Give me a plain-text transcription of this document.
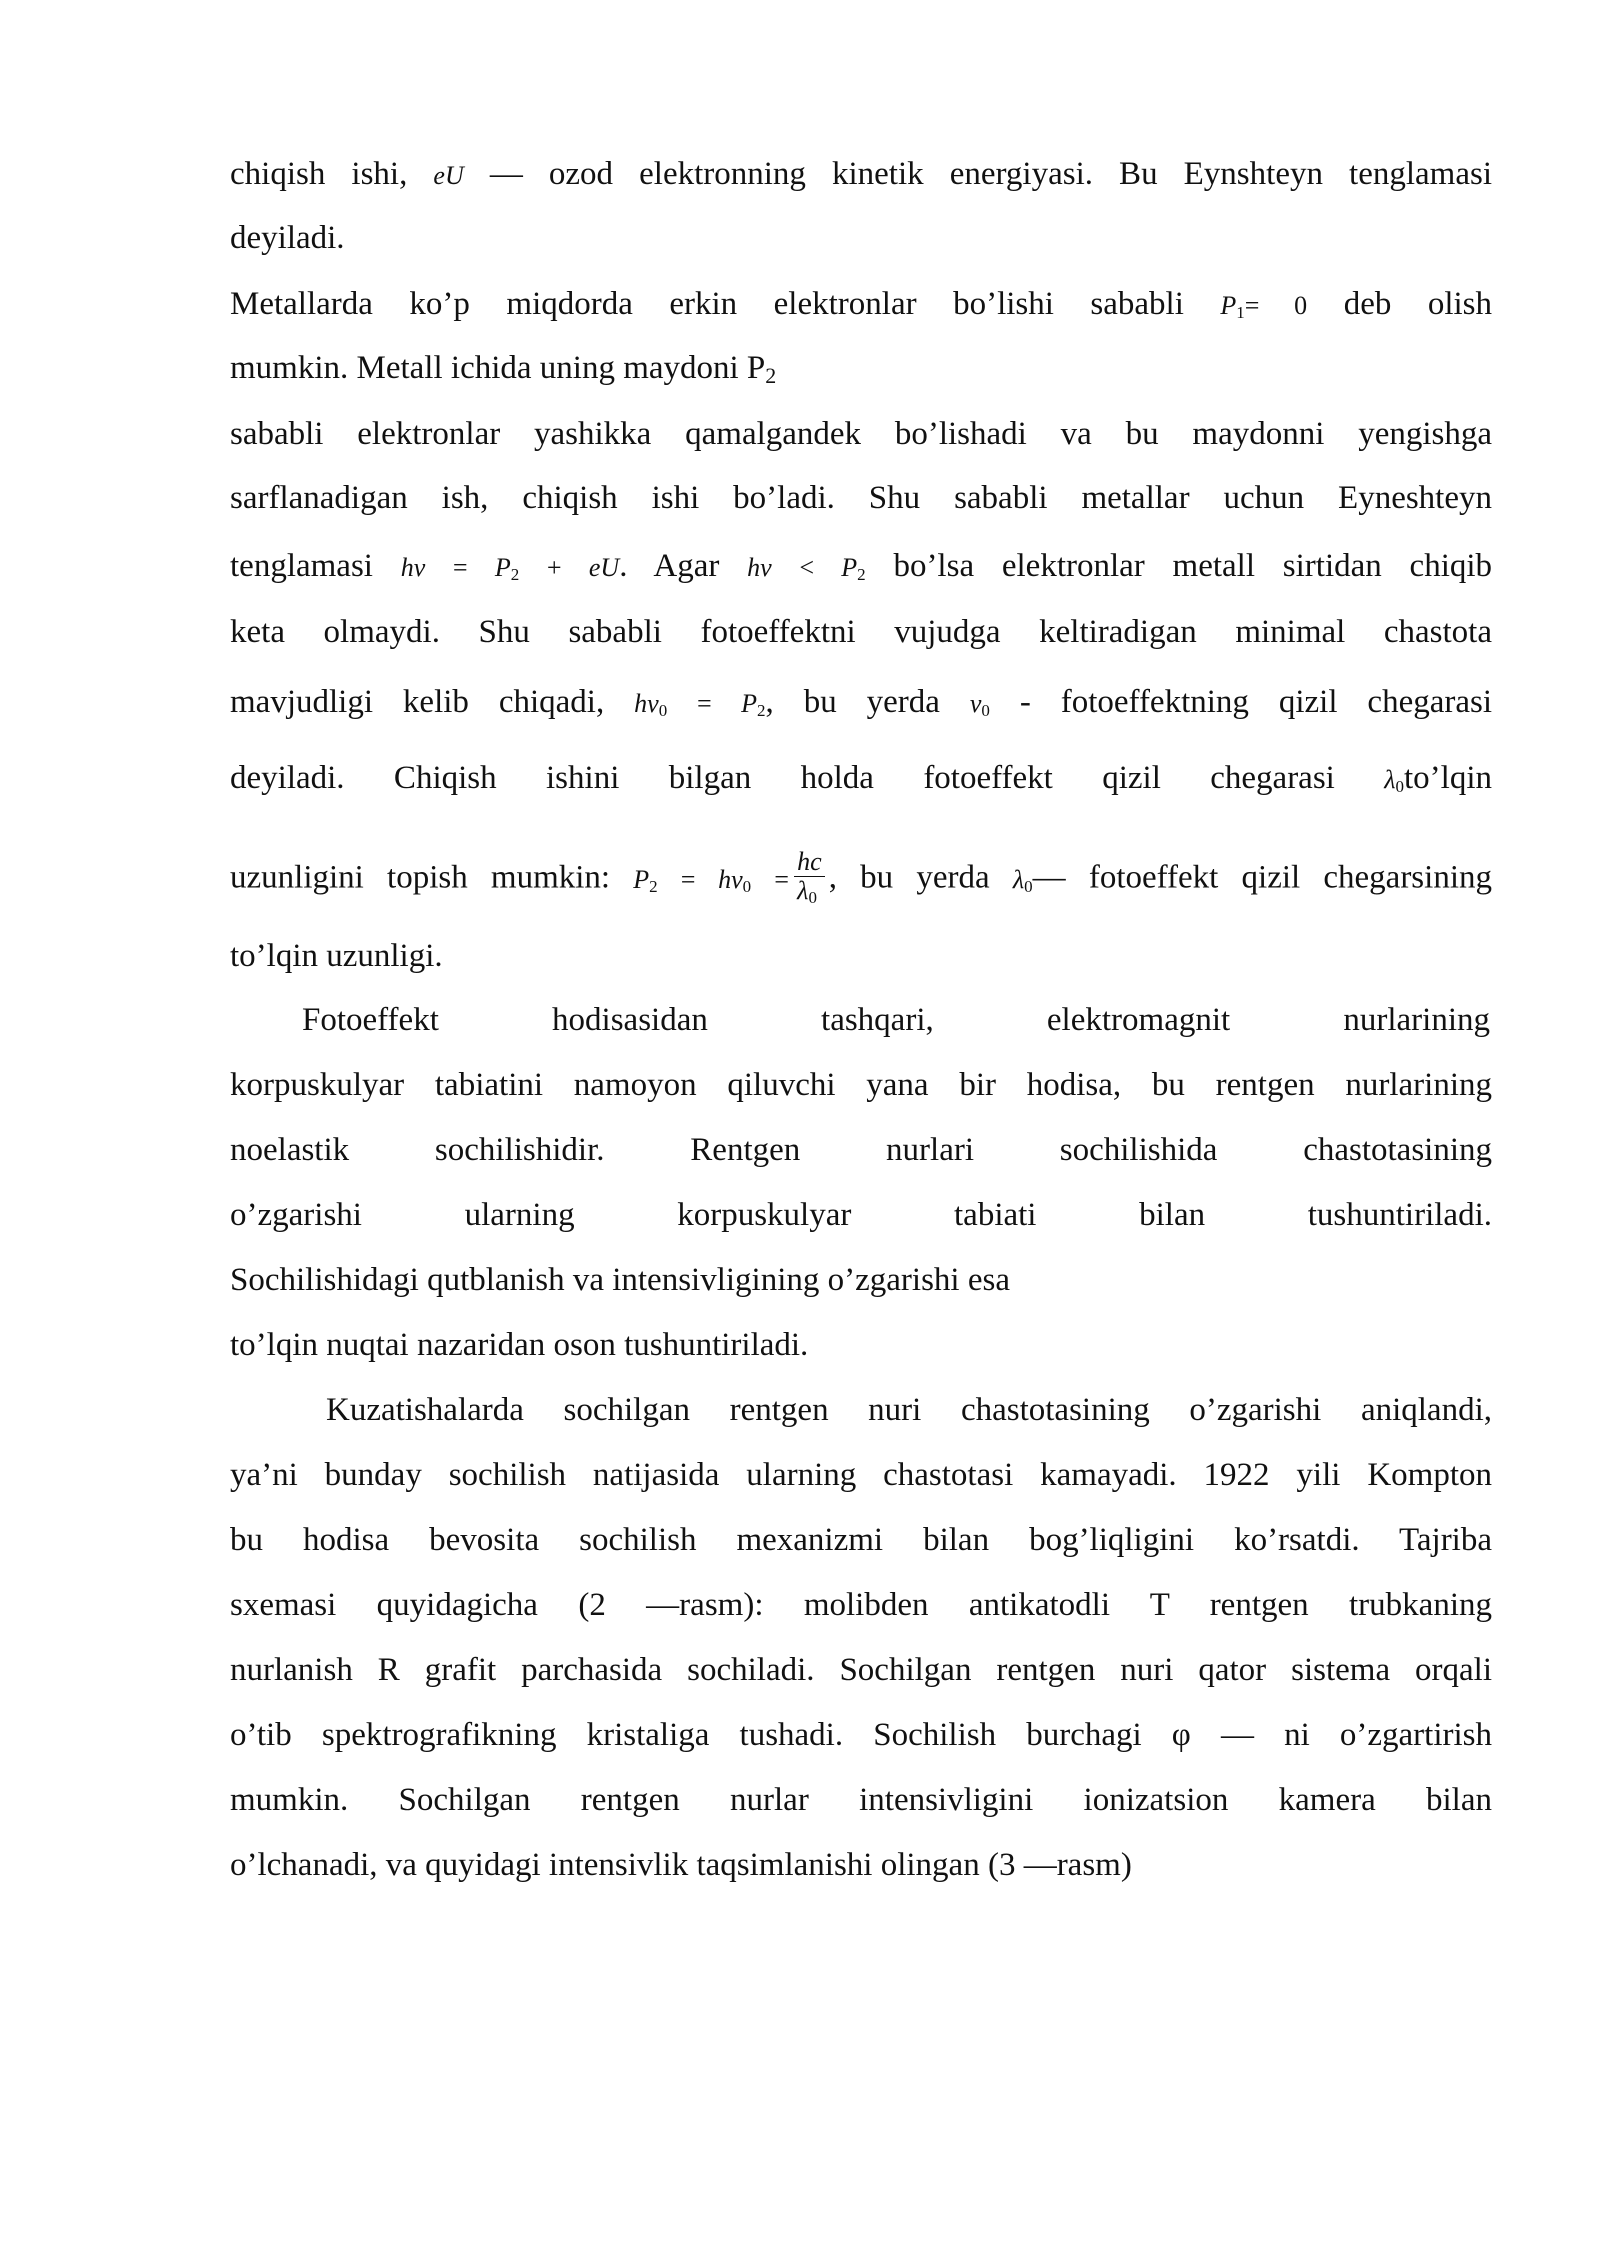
chiqish ishi, eU — ozod elektronning kinetik energiyasi. Bu Eynshteyn tenglamasi
deyiladi.
Metallarda ko’p miqdorda erkin elektronlar bo’lishi sababli $P_1= 0$ deb olish
mumkin. Metall ichida uning maydoni $P_2$
sababli elektronlar yashikka qamalgandek bo’lishadi va bu maydonni yengishga
sarflanadigan ish, chiqish ishi bo’ladi. Shu sababli metallar uchun Eyneshteyn
tenglamasi $h\nu = P_2$ + eU. Agar $h\nu < P_2$ bo’lsa elektronlar metall sirtidan chiqib
keta olmaydi. Shu sababli fotoeffektni vujudga keltiradigan minimal chastota
mavjudligi kelib chiqadi, $h\nu_0 = P_2$, bu yerda $\nu_0$ - fotoeffektning qizil chegarasi
deyiladi. Chiqish ishini bilgan holda fotoeffekt qizil chegarasi $\lambda_0to’lqin$
uzunligini topish mumkin: $P_2 = h\nu_0 = \frac{hc}{\lambda_0}$ , bu yerda $\lambda_0—$ fotoeffekt qizil chegarsining
to’lqin uzunligi.
Fotoeffekt hodisasidan tashqari, elektromagnit nurlarining
korpuskulyar tabiatini namoyon qiluvchi yana bir hodisa, bu rentgen nurlarining
noelastik sochilishidir. Rentgen nurlari sochilishida chastotasining
o’zgarishi ularning korpuskulyar tabiati bilan tushuntiriladi.
Sochilishidagi qutblanish va intensivligining o’zgarishi esa
to’lqin nuqtai nazaridan oson tushuntiriladi.
Kuzatishalarda sochilgan rentgen nuri chastotasining o’zgarishi aniqlandi,
ya’ni bunday sochilish natijasida ularning chastotasi kamayadi. 1922 yili Kompton
bu hodisa bevosita sochilish mexanizmi bilan bog’liqligini ko’rsatdi. Tajriba
sxemasi quyidagicha (2 —rasm): molibden antikatodli T rentgen trubkaning
nurlanish R grafit parchasida sochiladi. Sochilgan rentgen nuri qator sistema orqali
o’tib spektrografikning kristaliga tushadi. Sochilish burchagi φ — ni o’zgartirish
mumkin. Sochilgan rentgen nurlar intensivligini ionizatsion kamera bilan
o’lchanadi, va quyidagi intensivlik taqsimlanishi olingan (3 —rasm)
